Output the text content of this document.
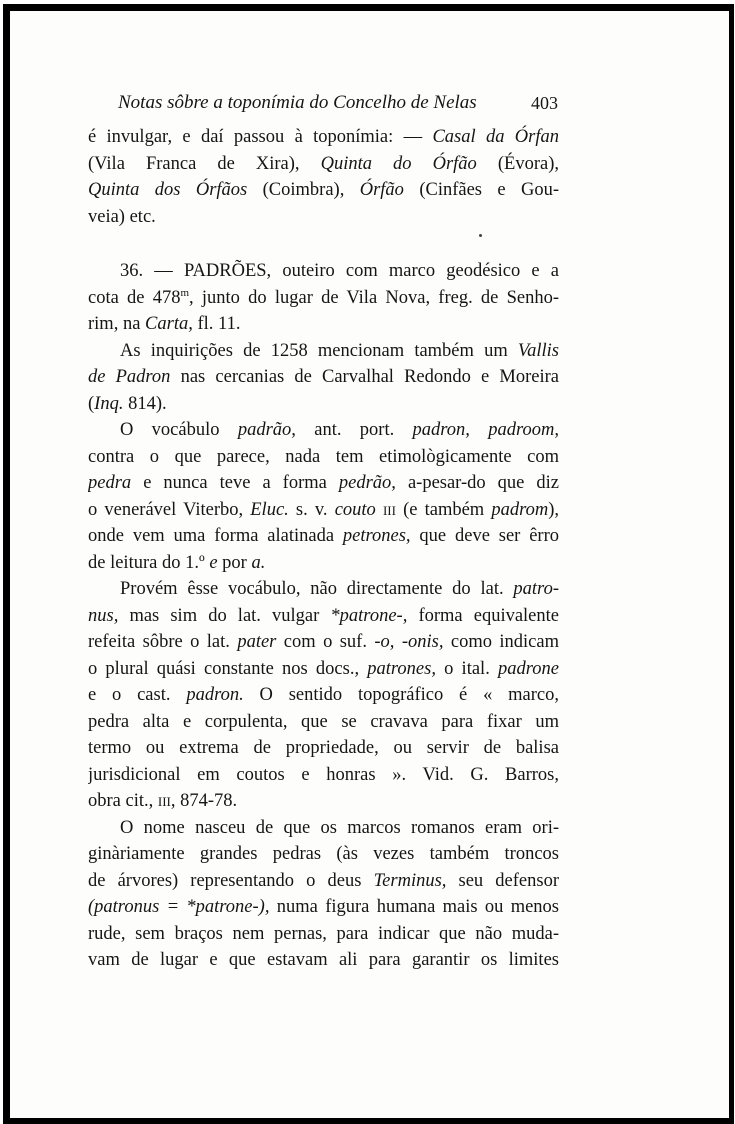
Notas sôbre a toponímia do Concelho de Nelas	403
é invulgar, e daí passou à toponímia: — Casal da Órfan
(Vila Franca de Xira), Quinta do Órfão (Évora),
Quinta dos Órfãos (Coimbra), Órfão (Cinfães e Gou-
veia) etc.
36. — PADRÕES, outeiro com marco geodésico e a
cota de 478$^m$, junto do lugar de Vila Nova, freg. de Senho-
rim, na Carta, fl. 11.
As inquirições de 1258 mencionam também um Vallis
de Padron nas cercanias de Carvalhal Redondo e Moreira
(Inq. 814).
O vocábulo padrão, ant. port. padron, padroom,
contra o que parece, nada tem etimològicamente com
pedra e nunca teve a forma pedrão, a-pesar-do que diz
o venerável Viterbo, Eluc. s. v. couto iii (e também padrom),
onde vem uma forma alatinada petrones, que deve ser êrro
de leitura do 1.º e por a.
Provém êsse vocábulo, não directamente do lat. patro-
nus, mas sim do lat. vulgar *patrone-, forma equivalente
refeita sôbre o lat. pater com o suf. -o, -onis, como indicam
o plural quási constante nos docs., patrones, o ital. padrone
e o cast. padron. O sentido topográfico é « marco,
pedra alta e corpulenta, que se cravava para fixar um
termo ou extrema de propriedade, ou servir de balisa
jurisdicional em coutos e honras ». Vid. G. Barros,
obra cit., iii, 874-78.
O nome nasceu de que os marcos romanos eram ori-
ginàriamente grandes pedras (às vezes também troncos
de árvores) representando o deus Terminus, seu defensor
(patronus = *patrone-), numa figura humana mais ou menos
rude, sem braços nem pernas, para indicar que não muda-
vam de lugar e que estavam ali para garantir os limites
